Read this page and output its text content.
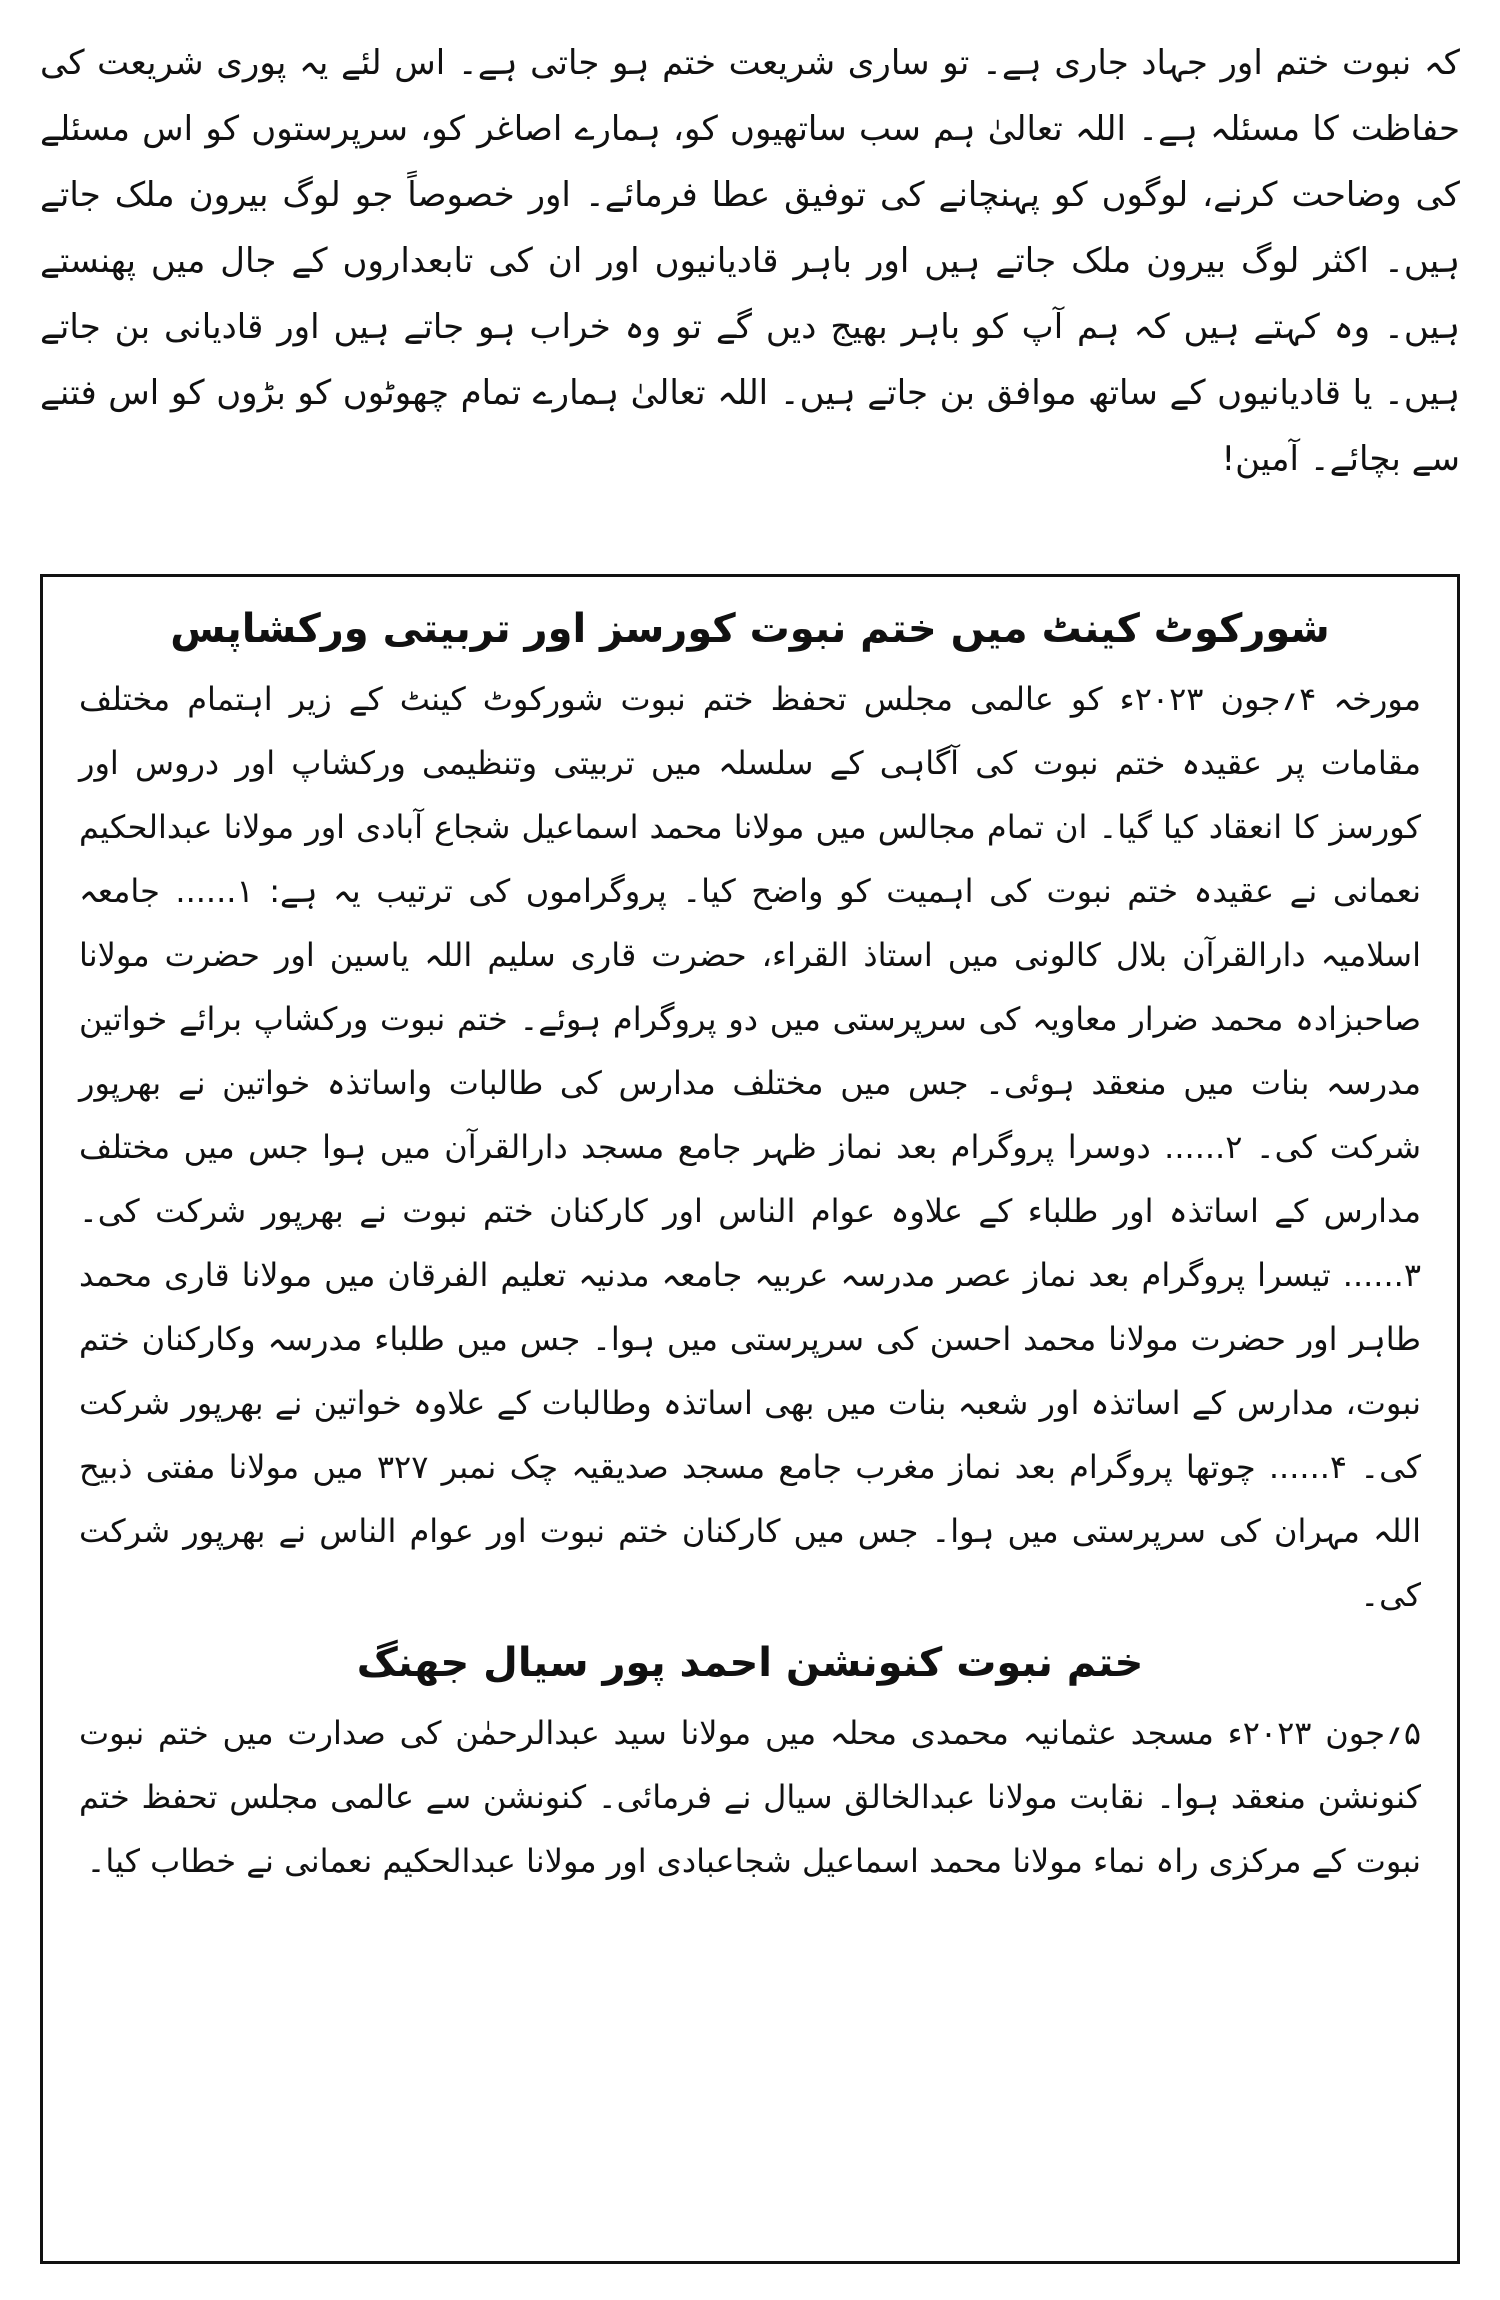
کہ نبوت ختم اور جہاد جاری ہے۔ تو ساری شریعت ختم ہو جاتی ہے۔ اس لئے یہ پوری شریعت کی حفاظت کا مسئلہ ہے۔ اللہ تعالیٰ ہم سب ساتھیوں کو، ہمارے اصاغر کو، سرپرستوں کو اس مسئلے کی وضاحت کرنے، لوگوں کو پہنچانے کی توفیق عطا فرمائے۔ اور خصوصاً جو لوگ بیرون ملک جاتے ہیں۔ اکثر لوگ بیرون ملک جاتے ہیں اور باہر قادیانیوں اور ان کی تابعداروں کے جال میں پھنستے ہیں۔ وہ کہتے ہیں کہ ہم آپ کو باہر بھیج دیں گے تو وہ خراب ہو جاتے ہیں اور قادیانی بن جاتے ہیں۔ یا قادیانیوں کے ساتھ موافق بن جاتے ہیں۔ اللہ تعالیٰ ہمارے تمام چھوٹوں کو بڑوں کو اس فتنے سے بچائے۔ آمین!

شورکوٹ کینٹ میں ختم نبوت کورسز اور تربیتی ورکشاپس

مورخہ ۴؍جون ۲۰۲۳ء کو عالمی مجلس تحفظ ختم نبوت شورکوٹ کینٹ کے زیر اہتمام مختلف مقامات پر عقیدہ ختم نبوت کی آگاہی کے سلسلہ میں تربیتی وتنظیمی ورکشاپ اور دروس اور کورسز کا انعقاد کیا گیا۔ ان تمام مجالس میں مولانا محمد اسماعیل شجاع آبادی اور مولانا عبدالحکیم نعمانی نے عقیدہ ختم نبوت کی اہمیت کو واضح کیا۔ پروگراموں کی ترتیب یہ ہے: ۱...... جامعہ اسلامیہ دارالقرآن بلال کالونی میں استاذ القراء، حضرت قاری سلیم اللہ یاسین اور حضرت مولانا صاحبزادہ محمد ضرار معاویہ کی سرپرستی میں دو پروگرام ہوئے۔ ختم نبوت ورکشاپ برائے خواتین مدرسہ بنات میں منعقد ہوئی۔ جس میں مختلف مدارس کی طالبات واساتذہ خواتین نے بھرپور شرکت کی۔ ۲...... دوسرا پروگرام بعد نماز ظہر جامع مسجد دارالقرآن میں ہوا جس میں مختلف مدارس کے اساتذہ اور طلباء کے علاوہ عوام الناس اور کارکنان ختم نبوت نے بھرپور شرکت کی۔ ۳...... تیسرا پروگرام بعد نماز عصر مدرسہ عربیہ جامعہ مدنیہ تعلیم الفرقان میں مولانا قاری محمد طاہر اور حضرت مولانا محمد احسن کی سرپرستی میں ہوا۔ جس میں طلباء مدرسہ وکارکنان ختم نبوت، مدارس کے اساتذہ اور شعبہ بنات میں بھی اساتذہ وطالبات کے علاوہ خواتین نے بھرپور شرکت کی۔ ۴...... چوتھا پروگرام بعد نماز مغرب جامع مسجد صدیقیہ چک نمبر ۳۲۷ میں مولانا مفتی ذبیح اللہ مہران کی سرپرستی میں ہوا۔ جس میں کارکنان ختم نبوت اور عوام الناس نے بھرپور شرکت کی۔

ختم نبوت کنونشن احمد پور سیال جھنگ

۵؍جون ۲۰۲۳ء مسجد عثمانیہ محمدی محلہ میں مولانا سید عبدالرحمٰن کی صدارت میں ختم نبوت کنونشن منعقد ہوا۔ نقابت مولانا عبدالخالق سیال نے فرمائی۔ کنونشن سے عالمی مجلس تحفظ ختم نبوت کے مرکزی راہ نماء مولانا محمد اسماعیل شجاعبادی اور مولانا عبدالحکیم نعمانی نے خطاب کیا۔
